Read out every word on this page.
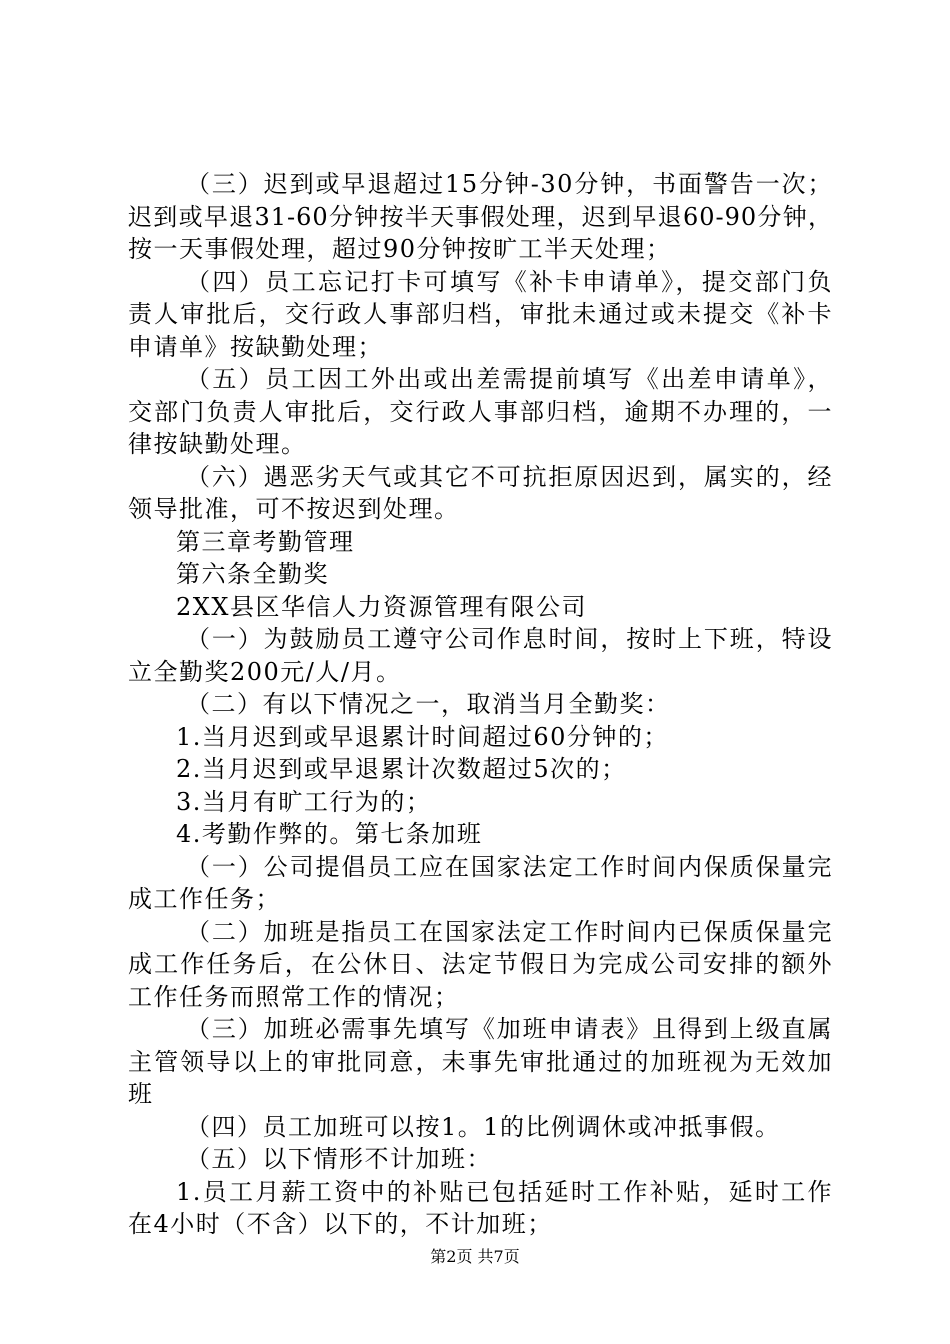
（三）迟到或早退超过15分钟-30分钟，书面警告一次；

迟到或早退31-60分钟按半天事假处理，迟到早退60-90分钟，

按一天事假处理，超过90分钟按旷工半天处理；

（四）员工忘记打卡可填写《补卡申请单》，提交部门负

责人审批后，交行政人事部归档，审批未通过或未提交《补卡

申请单》按缺勤处理；

（五）员工因工外出或出差需提前填写《出差申请单》，

交部门负责人审批后，交行政人事部归档，逾期不办理的，一

律按缺勤处理。

（六）遇恶劣天气或其它不可抗拒原因迟到，属实的，经

领导批准，可不按迟到处理。

第三章考勤管理

第六条全勤奖

2XX县区华信人力资源管理有限公司

（一）为鼓励员工遵守公司作息时间，按时上下班，特设

立全勤奖200元/人/月。

（二）有以下情况之一，取消当月全勤奖：

1.当月迟到或早退累计时间超过60分钟的；

2.当月迟到或早退累计次数超过5次的；

3.当月有旷工行为的；

4.考勤作弊的。第七条加班

（一）公司提倡员工应在国家法定工作时间内保质保量完

成工作任务；

（二）加班是指员工在国家法定工作时间内已保质保量完

成工作任务后，在公休日、法定节假日为完成公司安排的额外

工作任务而照常工作的情况；

（三）加班必需事先填写《加班申请表》且得到上级直属

主管领导以上的审批同意，未事先审批通过的加班视为无效加

班

（四）员工加班可以按1。1的比例调休或冲抵事假。

（五）以下情形不计加班：

1.员工月薪工资中的补贴已包括延时工作补贴，延时工作

在4小时（不含）以下的，不计加班；

第2页 共7页
